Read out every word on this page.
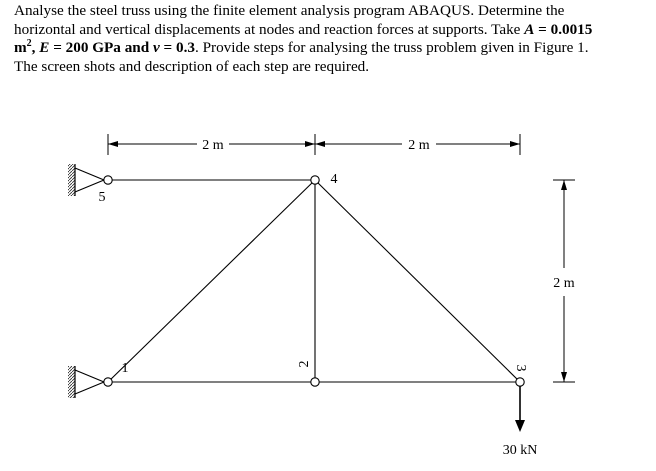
Analyse the steel truss using the finite element analysis program ABAQUS. Determine the
horizontal and vertical displacements at nodes and reaction forces at supports. Take A = 0.0015
$m^2$, E = 200 GPa and v = 0.3. Provide steps for analysing the truss problem given in Figure 1.
The screen shots and description of each step are required.

2 m	2 m
2 m
5
4
1	2
3
30 kN
